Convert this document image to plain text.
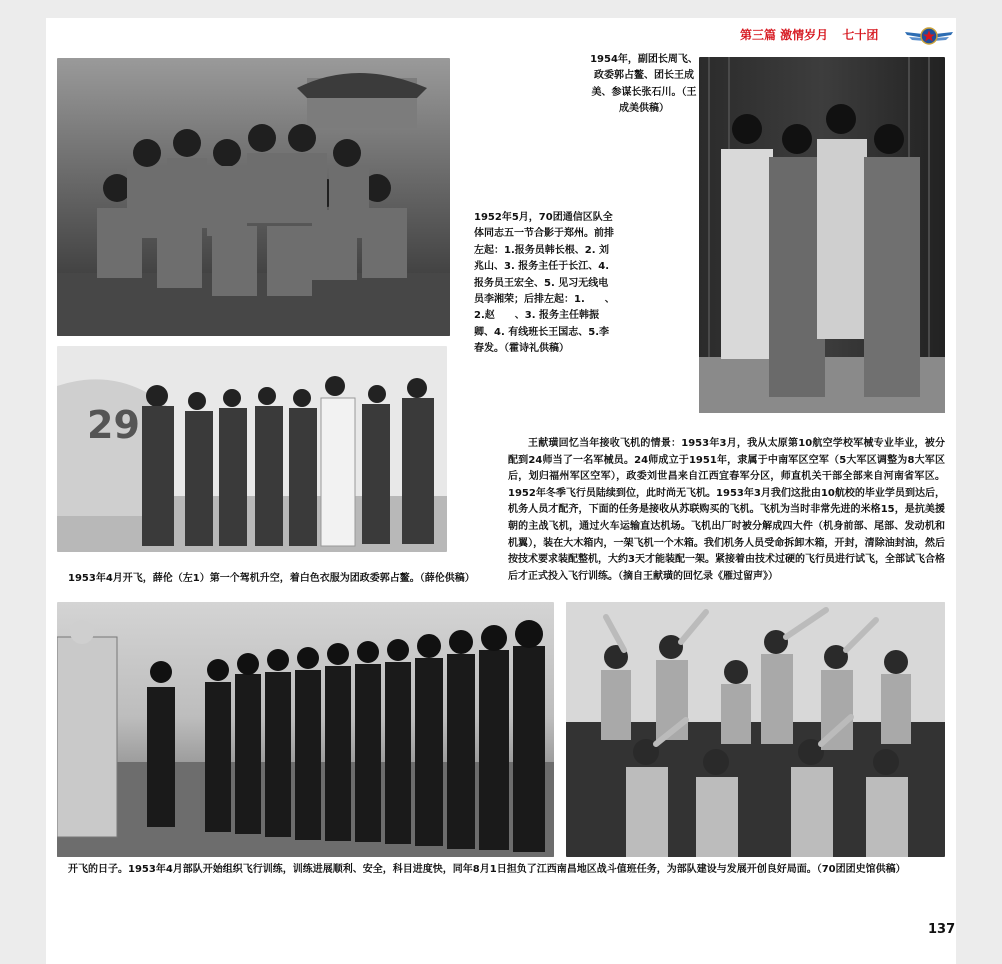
第三篇 激情岁月 七十团
1952年5月，70团通信区队全体同志五一节合影于郑州。前排左起：1.报务员韩长根、2. 刘兆山、3. 报务主任于长江、4. 报务员王宏全、5. 见习无线电员李湘荣；后排左起：1.　　、2.赵　　、3. 报务主任韩振卿、4. 有线班长王国志、5.李春发。（霍诗礼供稿）
1954年，副团长周飞、政委郭占鳌、团长王成美、参谋长张石川。（王成美供稿）
29
1953年4月开飞，薛伦（左1）第一个驾机升空，着白色衣服为团政委郭占鳌。（薛伦供稿）
王献璜回忆当年接收飞机的情景：1953年3月，我从太原第10航空学校军械专业毕业，被分配到24师当了一名军械员。24师成立于1951年，隶属于中南军区空军（5大军区调整为8大军区后，划归福州军区空军），政委刘世昌来自江西宜春军分区，师直机关干部全部来自河南省军区。1952年冬季飞行员陆续到位，此时尚无飞机。1953年3月我们这批由10航校的毕业学员到达后，机务人员才配齐，下面的任务是接收从苏联购买的飞机。飞机为当时非常先进的米格15，是抗美援朝的主战飞机，通过火车运输直达机场。飞机出厂时被分解成四大件（机身前部、尾部、发动机和机翼），装在大木箱内，一架飞机一个木箱。我们机务人员受命拆卸木箱，开封，清除油封油，然后按技术要求装配整机，大约3天才能装配一架。紧接着由技术过硬的飞行员进行试飞，全部试飞合格后才正式投入飞行训练。（摘自王献璜的回忆录《雁过留声》）
开飞的日子。1953年4月部队开始组织飞行训练，训练进展顺利、安全，科目进度快，同年8月1日担负了江西南昌地区战斗值班任务，为部队建设与发展开创良好局面。（70团团史馆供稿）
137
